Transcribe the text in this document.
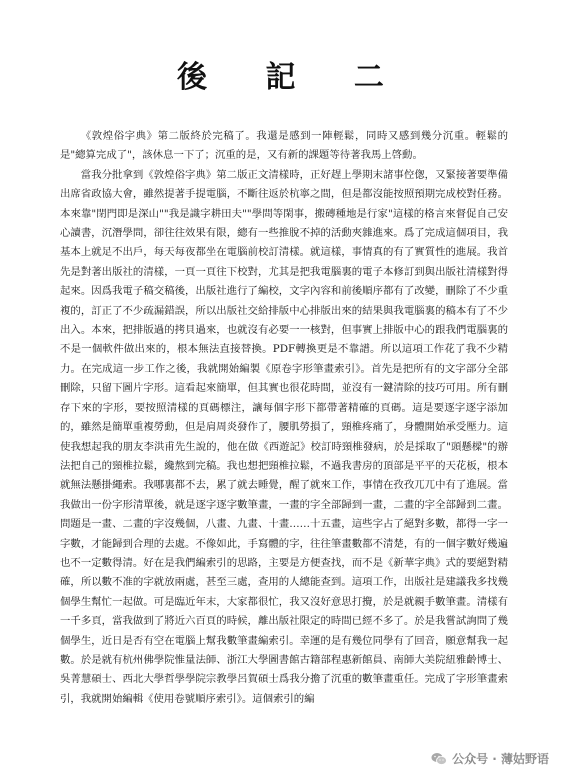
後 記 二

《敦煌俗字典》第二版終於完稿了。我還是感到一陣輕鬆，同時又感到幾分沉重。輕鬆的是"總算完成了"，該休息一下了；沉重的是，又有新的課題等待著我馬上啓動。

當我分批拿到《敦煌俗字典》第二版正文清樣時，正好趕上學期末諸事倥偬，又緊接著要準備出席省政協大會，雖然提著手提電腦，不斷往返於杭寧之間，但是都沒能按照預期完成校對任務。本來靠"閉門即是深山""我是識字耕田夫""學問等閑事，搬磚種地是行家"這樣的格言來督促自己安心讀書，沉潛學問，卻往往效果有限，總有一些推脫不掉的活動夾雜進來。爲了完成這個項目，我基本上就足不出戶，每天每夜都坐在電腦前校訂清樣。就這樣，事情真的有了實質性的進展。我首先是對著出版社的清樣，一頁一頁往下校對，尤其是把我電腦裏的電子本修訂到與出版社清樣對得起來。因爲我電子稿交稿後，出版社進行了編校，文字內容和前後順序都有了改變，刪除了不少重複的，訂正了不少疏漏錯誤，所以出版社交給排版中心排版出來的結果與我電腦裏的稿本有了不少出入。本來，把排版過的拷貝過來，也就沒有必要一一核對，但事實上排版中心的跟我們電腦裏的不是一個軟件做出來的，根本無法直接替換。PDF轉換更是不靠譜。所以這項工作花了我不少精力。在完成這一步工作之後，我就開始編製《原卷字形筆畫索引》。首先是把所有的文字部分全部刪除，只留下圖片字形。這看起來簡單，但其實也很花時間，並沒有一鍵清除的技巧可用。所有刪存下來的字形，要按照清樣的頁碼標注，讓每個字形下都帶著精確的頁碼。這是要逐字逐字添加的，雖然是簡單重複勞動，但是肩周炎發作了，腰肌勞損了，頸椎疼痛了，身體開始承受壓力。這使我想起我的朋友李洪甫先生說的，他在做《西遊記》校訂時頸椎發病，於是採取了"頭懸樑"的辦法把自己的頸椎拉鬆，纔熬到完稿。我也想把頸椎拉鬆，不過我書房的頂部是平平的天花板，根本就無法懸掛繩索。我哪裏都不去，累了就去睡覺，醒了就來工作，事情在孜孜兀兀中有了進展。當我做出一份字形清單後，就是逐字逐字數筆畫，一畫的字全部歸到一畫，二畫的字全部歸到二畫。問題是一畫、二畫的字沒幾個，八畫、九畫、十畫……十五畫，這些字占了絕對多數，都得一字一字數，才能歸到合理的去處。不像如此，手寫體的字，往往筆畫數都不清楚，有的一個字數好幾遍也不一定數得清。好在是我們編索引的思路，主要是方便查找，而不是《新華字典》式的要絕對精確，所以數不准的字就放兩處，甚至三處，查用的人總能查到。這項工作，出版社是建議我多找幾個學生幫忙一起做。可是臨近年末，大家都很忙，我又沒好意思打攪，於是就親手數筆畫。清樣有一千多頁，當我做到了將近六百頁的時候，離出版社限定的時間已經不多了。於是我嘗試詢問了幾個學生，近日是否有空在電腦上幫我數筆畫編索引。幸運的是有幾位同學有了回音，願意幫我一起數。於是就有杭州佛學院惟量法師、浙江大學圖書館古籍部程惠新館員、南師大美院紐雅齡博士、吳菁慧碩士、西北大學哲學學院宗教學呂賀碩士爲我分擔了沉重的數筆畫重任。完成了字形筆畫索引，我就開始編輯《使用卷號順序索引》。這個索引的編

公众号 · 薄姑野语
